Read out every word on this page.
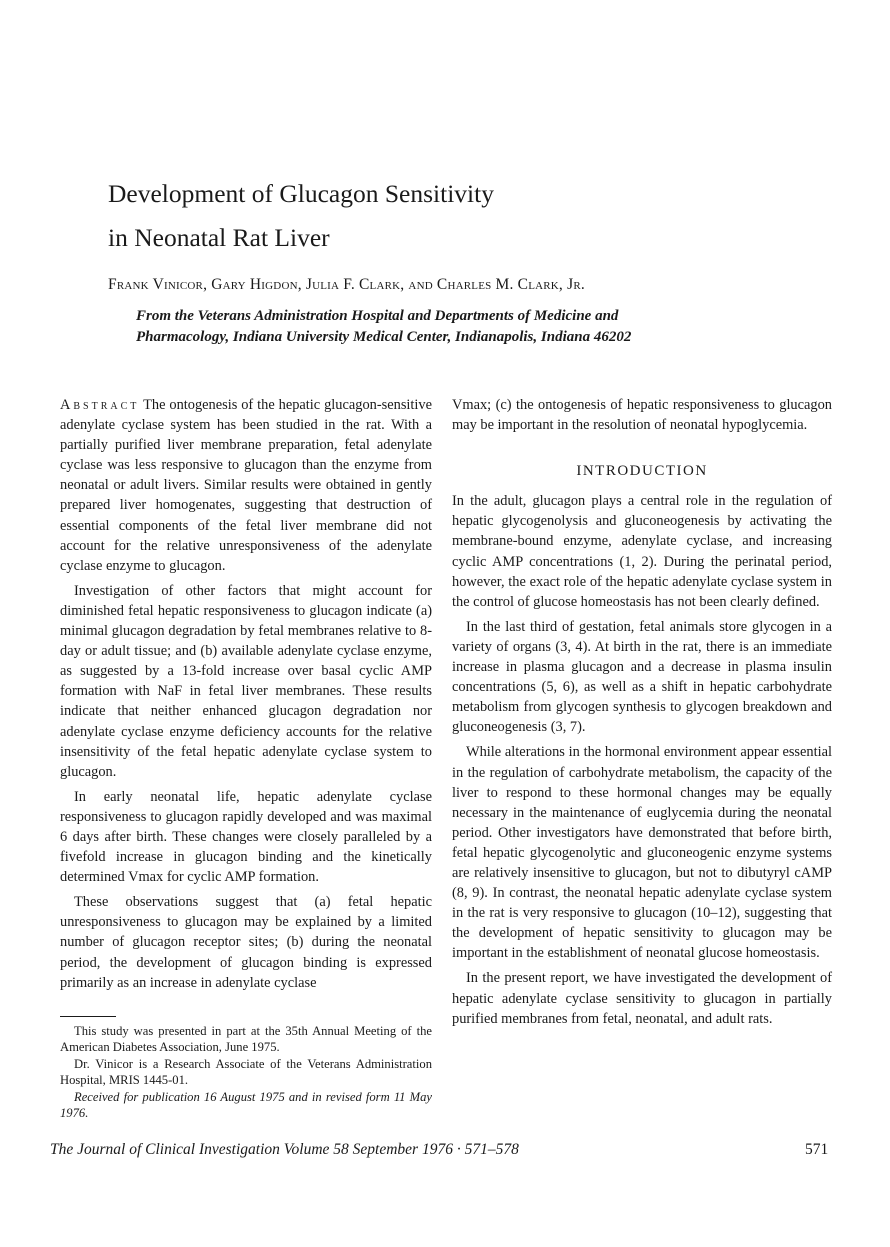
Development of Glucagon Sensitivity
in Neonatal Rat Liver
Frank Vinicor, Gary Higdon, Julia F. Clark, and Charles M. Clark, Jr.
From the Veterans Administration Hospital and Departments of Medicine and
Pharmacology, Indiana University Medical Center, Indianapolis, Indiana 46202

Abstract The ontogenesis of the hepatic glucagon-sensitive adenylate cyclase system has been studied in the rat. With a partially purified liver membrane preparation, fetal adenylate cyclase was less responsive to glucagon than the enzyme from neonatal or adult livers. Similar results were obtained in gently prepared liver homogenates, suggesting that destruction of essential components of the fetal liver membrane did not account for the relative unresponsiveness of the adenylate cyclase enzyme to glucagon.

Investigation of other factors that might account for diminished fetal hepatic responsiveness to glucagon indicate (a) minimal glucagon degradation by fetal membranes relative to 8-day or adult tissue; and (b) available adenylate cyclase enzyme, as suggested by a 13-fold increase over basal cyclic AMP formation with NaF in fetal liver membranes. These results indicate that neither enhanced glucagon degradation nor adenylate cyclase enzyme deficiency accounts for the relative insensitivity of the fetal hepatic adenylate cyclase system to glucagon.

In early neonatal life, hepatic adenylate cyclase responsiveness to glucagon rapidly developed and was maximal 6 days after birth. These changes were closely paralleled by a fivefold increase in glucagon binding and the kinetically determined Vmax for cyclic AMP formation.

These observations suggest that (a) fetal hepatic unresponsiveness to glucagon may be explained by a limited number of glucagon receptor sites; (b) during the neonatal period, the development of glucagon binding is expressed primarily as an increase in adenylate cyclase

This study was presented in part at the 35th Annual Meeting of the American Diabetes Association, June 1975.

Dr. Vinicor is a Research Associate of the Veterans Administration Hospital, MRIS 1445-01.

Received for publication 16 August 1975 and in revised form 11 May 1976.

Vmax; (c) the ontogenesis of hepatic responsiveness to glucagon may be important in the resolution of neonatal hypoglycemia.

INTRODUCTION

In the adult, glucagon plays a central role in the regulation of hepatic glycogenolysis and gluconeogenesis by activating the membrane-bound enzyme, adenylate cyclase, and increasing cyclic AMP concentrations (1, 2). During the perinatal period, however, the exact role of the hepatic adenylate cyclase system in the control of glucose homeostasis has not been clearly defined.

In the last third of gestation, fetal animals store glycogen in a variety of organs (3, 4). At birth in the rat, there is an immediate increase in plasma glucagon and a decrease in plasma insulin concentrations (5, 6), as well as a shift in hepatic carbohydrate metabolism from glycogen synthesis to glycogen breakdown and gluconeogenesis (3, 7).

While alterations in the hormonal environment appear essential in the regulation of carbohydrate metabolism, the capacity of the liver to respond to these hormonal changes may be equally necessary in the maintenance of euglycemia during the neonatal period. Other investigators have demonstrated that before birth, fetal hepatic glycogenolytic and gluconeogenic enzyme systems are relatively insensitive to glucagon, but not to dibutyryl cAMP (8, 9). In contrast, the neonatal hepatic adenylate cyclase system in the rat is very responsive to glucagon (10–12), suggesting that the development of hepatic sensitivity to glucagon may be important in the establishment of neonatal glucose homeostasis.

In the present report, we have investigated the development of hepatic adenylate cyclase sensitivity to glucagon in partially purified membranes from fetal, neonatal, and adult rats.

The Journal of Clinical Investigation Volume 58 September 1976 · 571–578	571
